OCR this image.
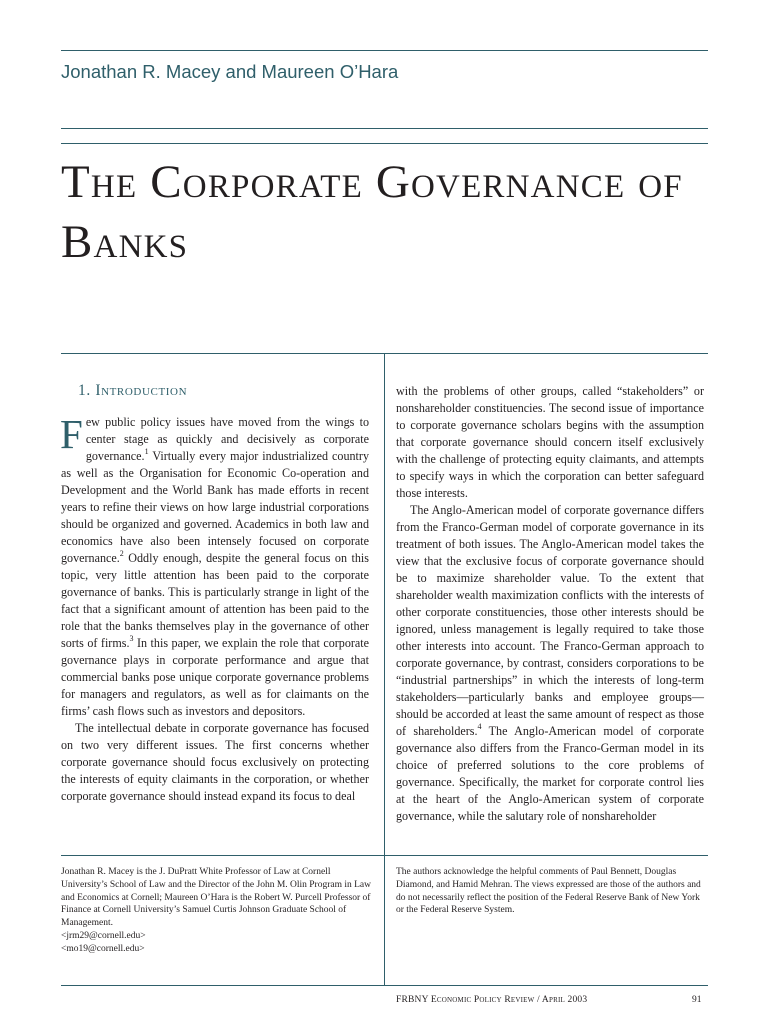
Jonathan R. Macey and Maureen O’Hara
The Corporate Governance of Banks
1. Introduction

Few public policy issues have moved from the wings to center stage as quickly and decisively as corporate governance.$^1$ Virtually every major industrialized country as well as the Organisation for Economic Co-operation and Development and the World Bank has made efforts in recent years to refine their views on how large industrial corporations should be organized and governed. Academics in both law and economics have also been intensely focused on corporate governance.$^2$ Oddly enough, despite the general focus on this topic, very little attention has been paid to the corporate governance of banks. This is particularly strange in light of the fact that a significant amount of attention has been paid to the role that the banks themselves play in the governance of other sorts of firms.$^3$ In this paper, we explain the role that corporate governance plays in corporate performance and argue that commercial banks pose unique corporate governance problems for managers and regulators, as well as for claimants on the firms’ cash flows such as investors and depositors.

The intellectual debate in corporate governance has focused on two very different issues. The first concerns whether corporate governance should focus exclusively on protecting the interests of equity claimants in the corporation, or whether corporate governance should instead expand its focus to deal

with the problems of other groups, called “stakeholders” or nonshareholder constituencies. The second issue of importance to corporate governance scholars begins with the assumption that corporate governance should concern itself exclusively with the challenge of protecting equity claimants, and attempts to specify ways in which the corporation can better safeguard those interests.

The Anglo-American model of corporate governance differs from the Franco-German model of corporate governance in its treatment of both issues. The Anglo-American model takes the view that the exclusive focus of corporate governance should be to maximize shareholder value. To the extent that shareholder wealth maximization conflicts with the interests of other corporate constituencies, those other interests should be ignored, unless management is legally required to take those other interests into account. The Franco-German approach to corporate governance, by contrast, considers corporations to be “industrial partnerships” in which the interests of long-term stakeholders—particularly banks and employee groups—should be accorded at least the same amount of respect as those of shareholders.$^4$ The Anglo-American model of corporate governance also differs from the Franco-German model in its choice of preferred solutions to the core problems of governance. Specifically, the market for corporate control lies at the heart of the Anglo-American system of corporate governance, while the salutary role of nonshareholder

Jonathan R. Macey is the J. DuPratt White Professor of Law at Cornell University’s School of Law and the Director of the John M. Olin Program in Law and Economics at Cornell; Maureen O’Hara is the Robert W. Purcell Professor of Finance at Cornell University’s Samuel Curtis Johnson Graduate School of Management.

<jrm29@cornell.edu>

<mo19@cornell.edu>

The authors acknowledge the helpful comments of Paul Bennett, Douglas Diamond, and Hamid Mehran. The views expressed are those of the authors and do not necessarily reflect the position of the Federal Reserve Bank of New York or the Federal Reserve System.

FRBNY Economic Policy Review / April 2003	91
